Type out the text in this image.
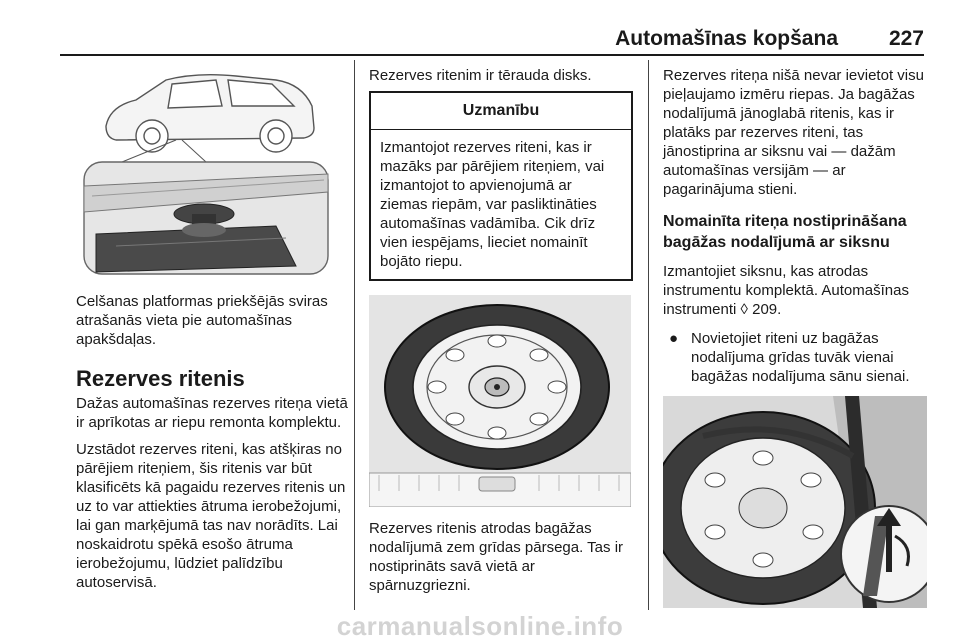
Automašīnas kopšana 227

Celšanas platformas priekšējās sviras atrašanās vieta pie automašīnas apakšdaļas.

Rezerves ritenis

Dažas automašīnas rezerves riteņa vietā ir aprīkotas ar riepu remonta komplektu.

Uzstādot rezerves riteni, kas atšķiras no pārējiem riteņiem, šis ritenis var būt klasificēts kā pagaidu rezerves ritenis un uz to var attiekties ātruma ierobežojumi, lai gan marķējumā tas nav norādīts. Lai noskaidrotu spēkā esošo ātruma ierobežojumu, lūdziet palīdzību autoservisā.

Rezerves ritenim ir tērauda disks.

Uzmanību
Izmantojot rezerves riteni, kas ir mazāks par pārējiem riteņiem, vai izmantojot to apvienojumā ar ziemas riepām, var pasliktināties automašīnas vadāmība. Cik drīz vien iespējams, lieciet nomainīt bojāto riepu.

Rezerves ritenis atrodas bagāžas nodalījumā zem grīdas pārsega. Tas ir nostiprināts savā vietā ar spārnuzgriezni.

Rezerves riteņa nišā nevar ievietot visu pieļaujamo izmēru riepas. Ja bagāžas nodalījumā jānoglabā ritenis, kas ir platāks par rezerves riteni, tas jānostiprina ar siksnu vai — dažām automašīnas versijām — ar pagarinājuma stieni.

Nomainīta riteņa nostiprināšana bagāžas nodalījumā ar siksnu

Izmantojiet siksnu, kas atrodas instrumentu komplektā. Automašīnas instrumenti ◊ 209.

● Novietojiet riteni uz bagāžas nodalījuma grīdas tuvāk vienai bagāžas nodalījuma sānu sienai.
carmanualsonline.info
